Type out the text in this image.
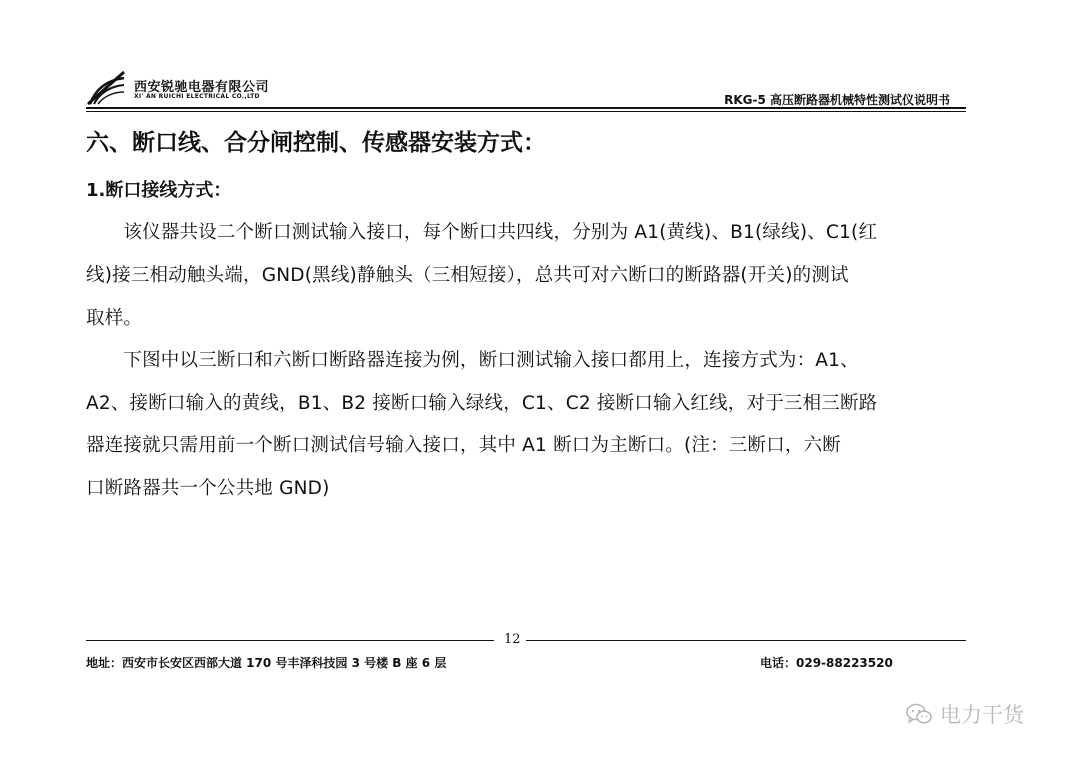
西安锐驰电器有限公司
XI' AN RUICHI ELECTRICAL CO.,LTD	RKG-5 高压断路器机械特性测试仪说明书
六、断口线、合分闸控制、传感器安装方式：
1.断口接线方式：
　　该仪器共设二个断口测试输入接口，每个断口共四线，分别为 A1(黄线)、B1(绿线)、C1(红
线)接三相动触头端，GND(黑线)静触头（三相短接），总共可对六断口的断路器(开关)的测试
取样。
　　下图中以三断口和六断口断路器连接为例，断口测试输入接口都用上，连接方式为：A1、
A2、接断口输入的黄线，B1、B2 接断口输入绿线，C1、C2 接断口输入红线，对于三相三断路
器连接就只需用前一个断口测试信号输入接口，其中 A1 断口为主断口。(注：三断口，六断
口断路器共一个公共地 GND)
12
地址：西安市长安区西部大道 170 号丰泽科技园 3 号楼 B 座 6 层	电话：029-88223520
电力干货
